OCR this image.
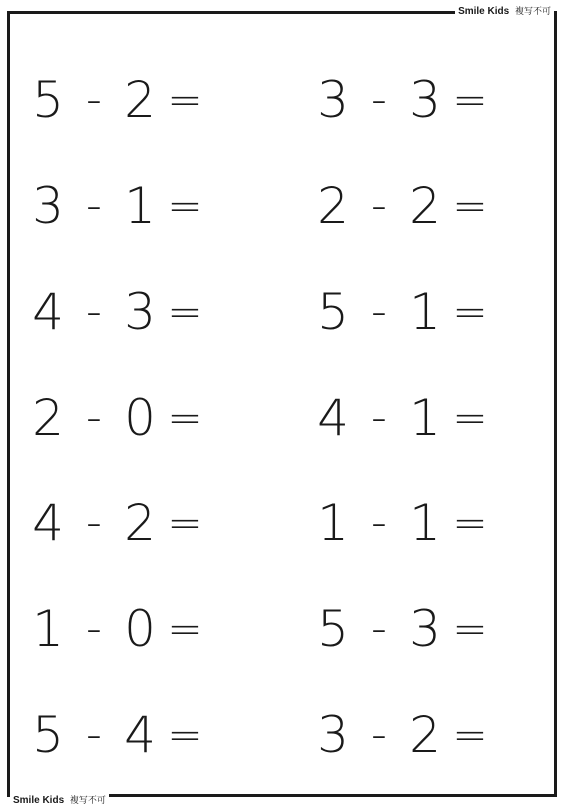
Smile Kids 複写不可
Smile Kids 複写不可
5 - 2 = 3 - 3 =
3 - 1 = 2 - 2 =
4 - 3 = 5 - 1 =
2 - 0 = 4 - 1 =
4 - 2 = 1 - 1 =
1 - 0 = 5 - 3 =
5 - 4 = 3 - 2 =
